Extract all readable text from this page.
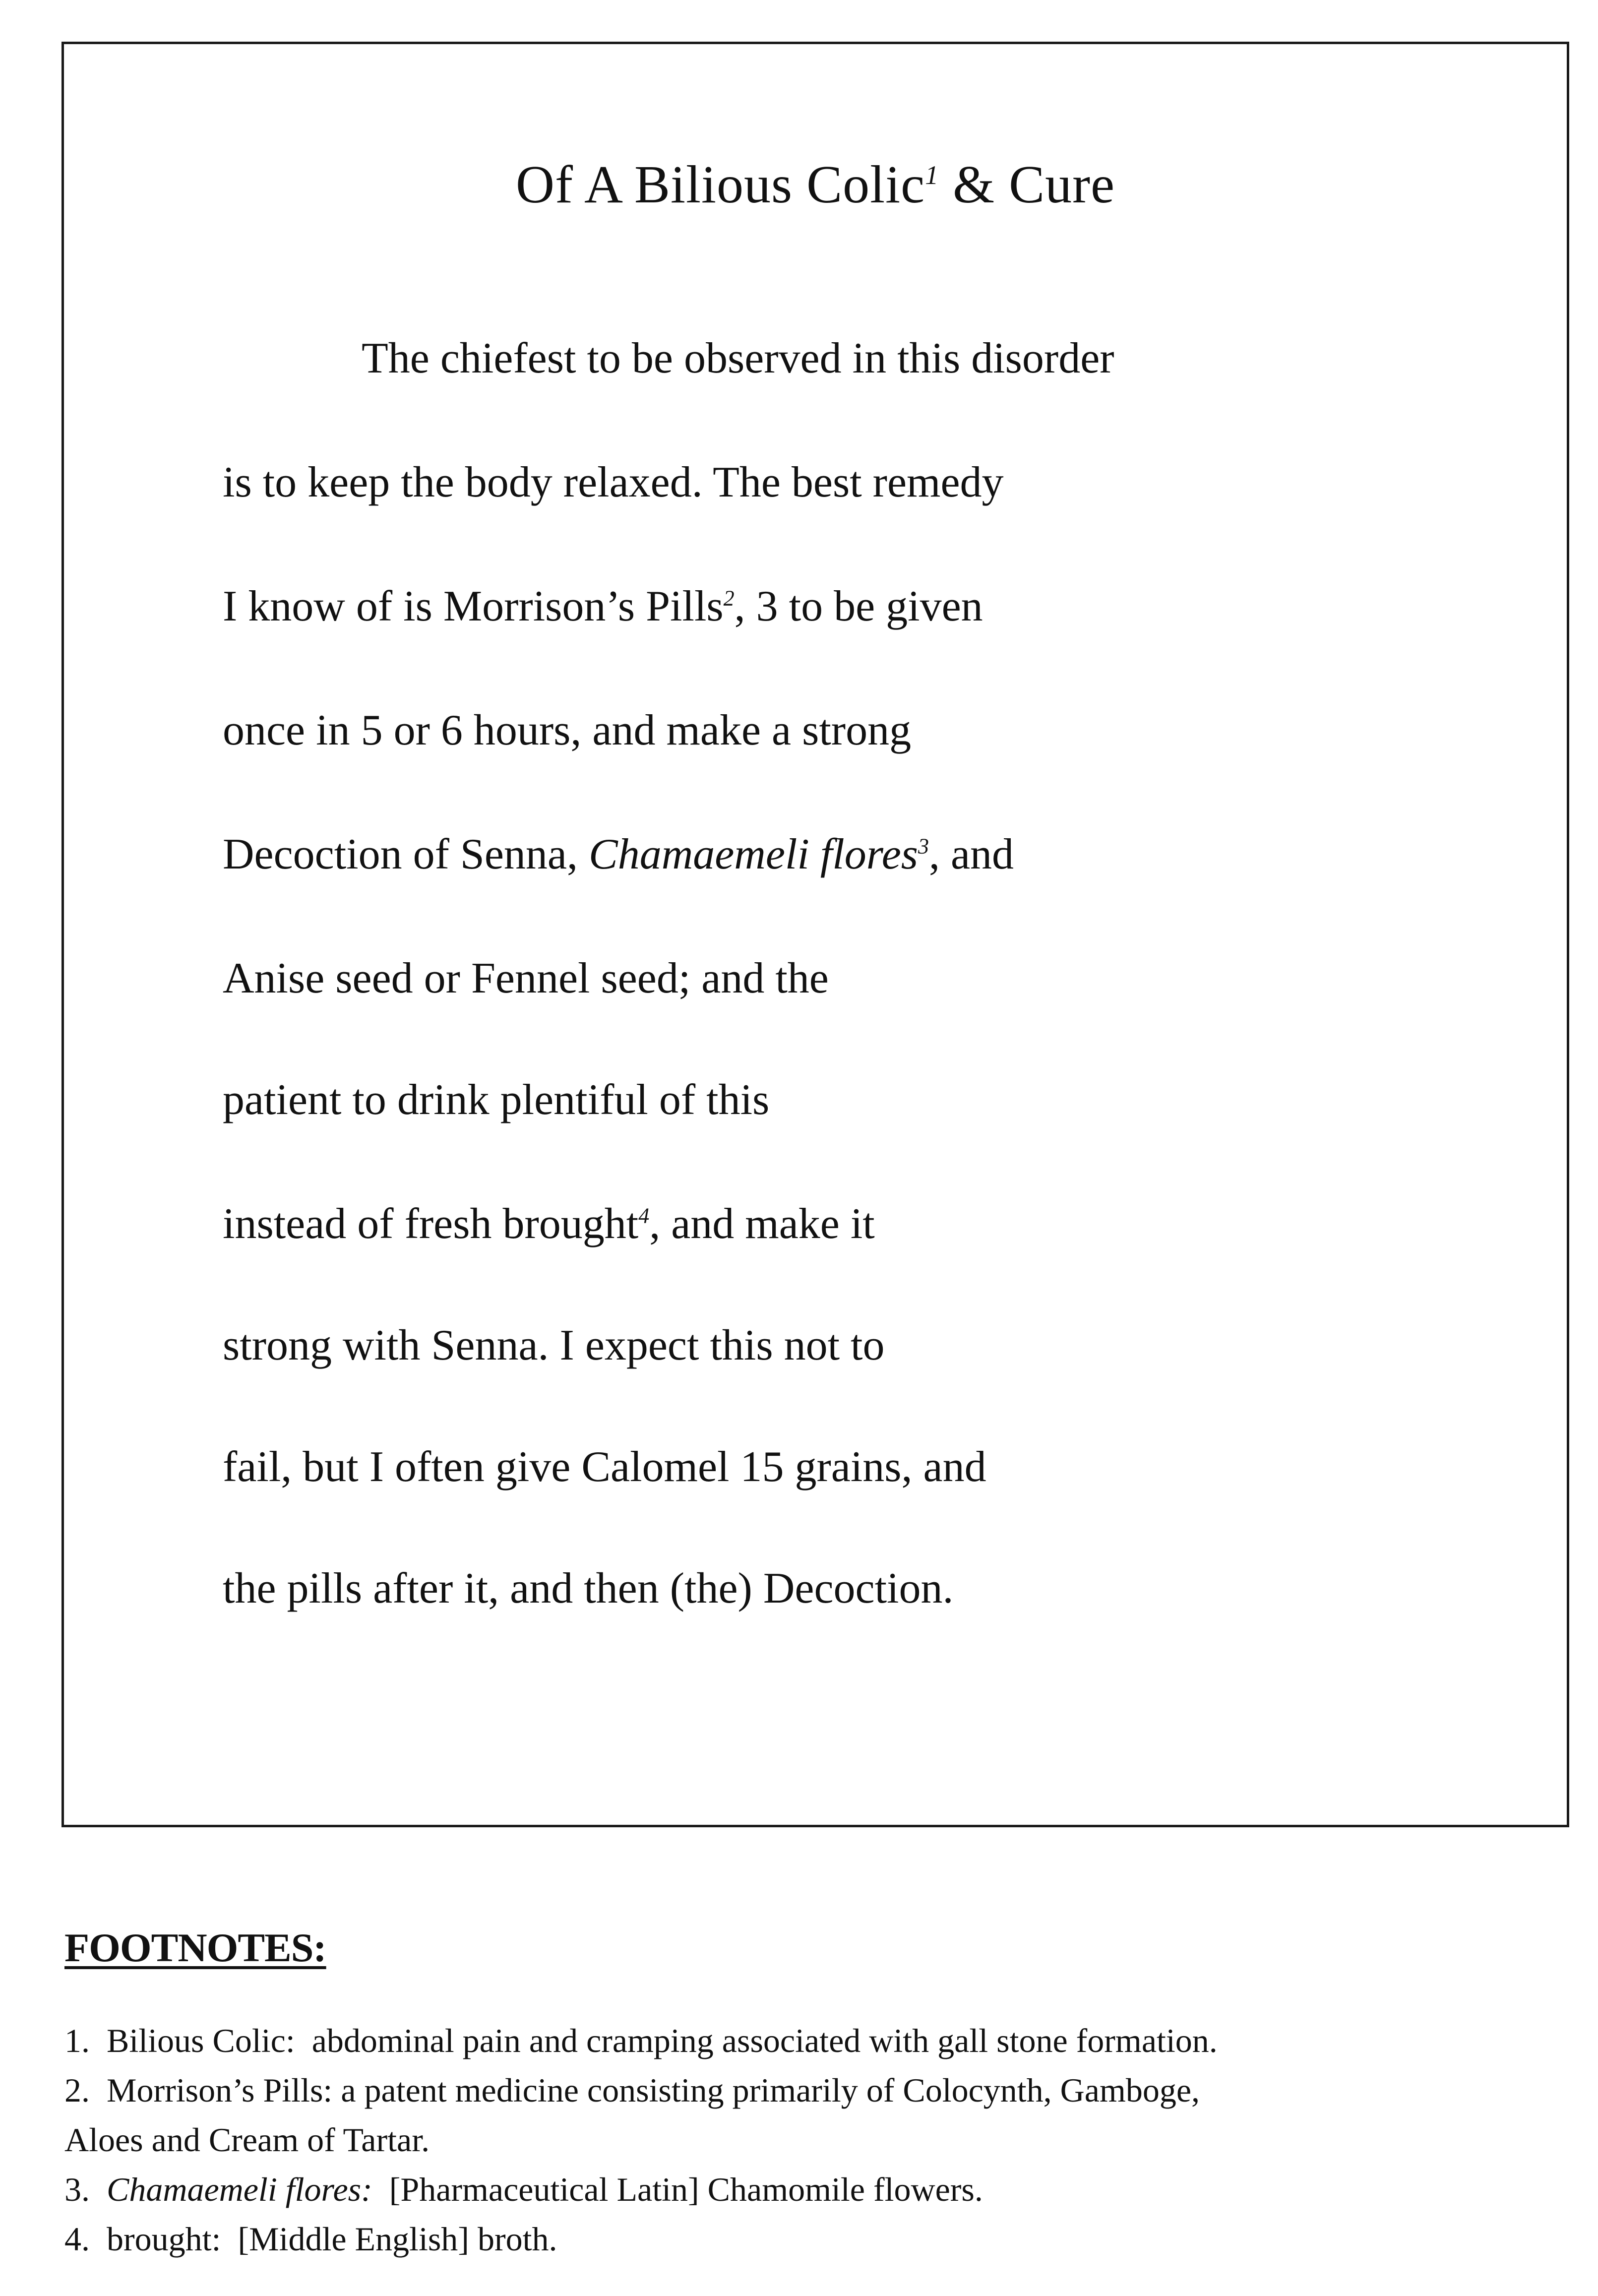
Of A Bilious Colic$^1$ & Cure
The chiefest to be observed in this disorder
is to keep the body relaxed. The best remedy
I know of is Morrison’s Pills$^2$, 3 to be given
once in 5 or 6 hours, and make a strong
Decoction of Senna, Chamaemeli flores$^3$, and
Anise seed or Fennel seed; and the
patient to drink plentiful of this
instead of fresh brought$^4$, and make it
strong with Senna. I expect this not to
fail, but I often give Calomel 15 grains, and
the pills after it, and then (the) Decoction.
FOOTNOTES:
1. Bilious Colic: abdominal pain and cramping associated with gall stone formation.
2. Morrison’s Pills: a patent medicine consisting primarily of Colocynth, Gamboge,
Aloes and Cream of Tartar.
3. Chamaemeli flores: [Pharmaceutical Latin] Chamomile flowers.
4. brought: [Middle English] broth.
